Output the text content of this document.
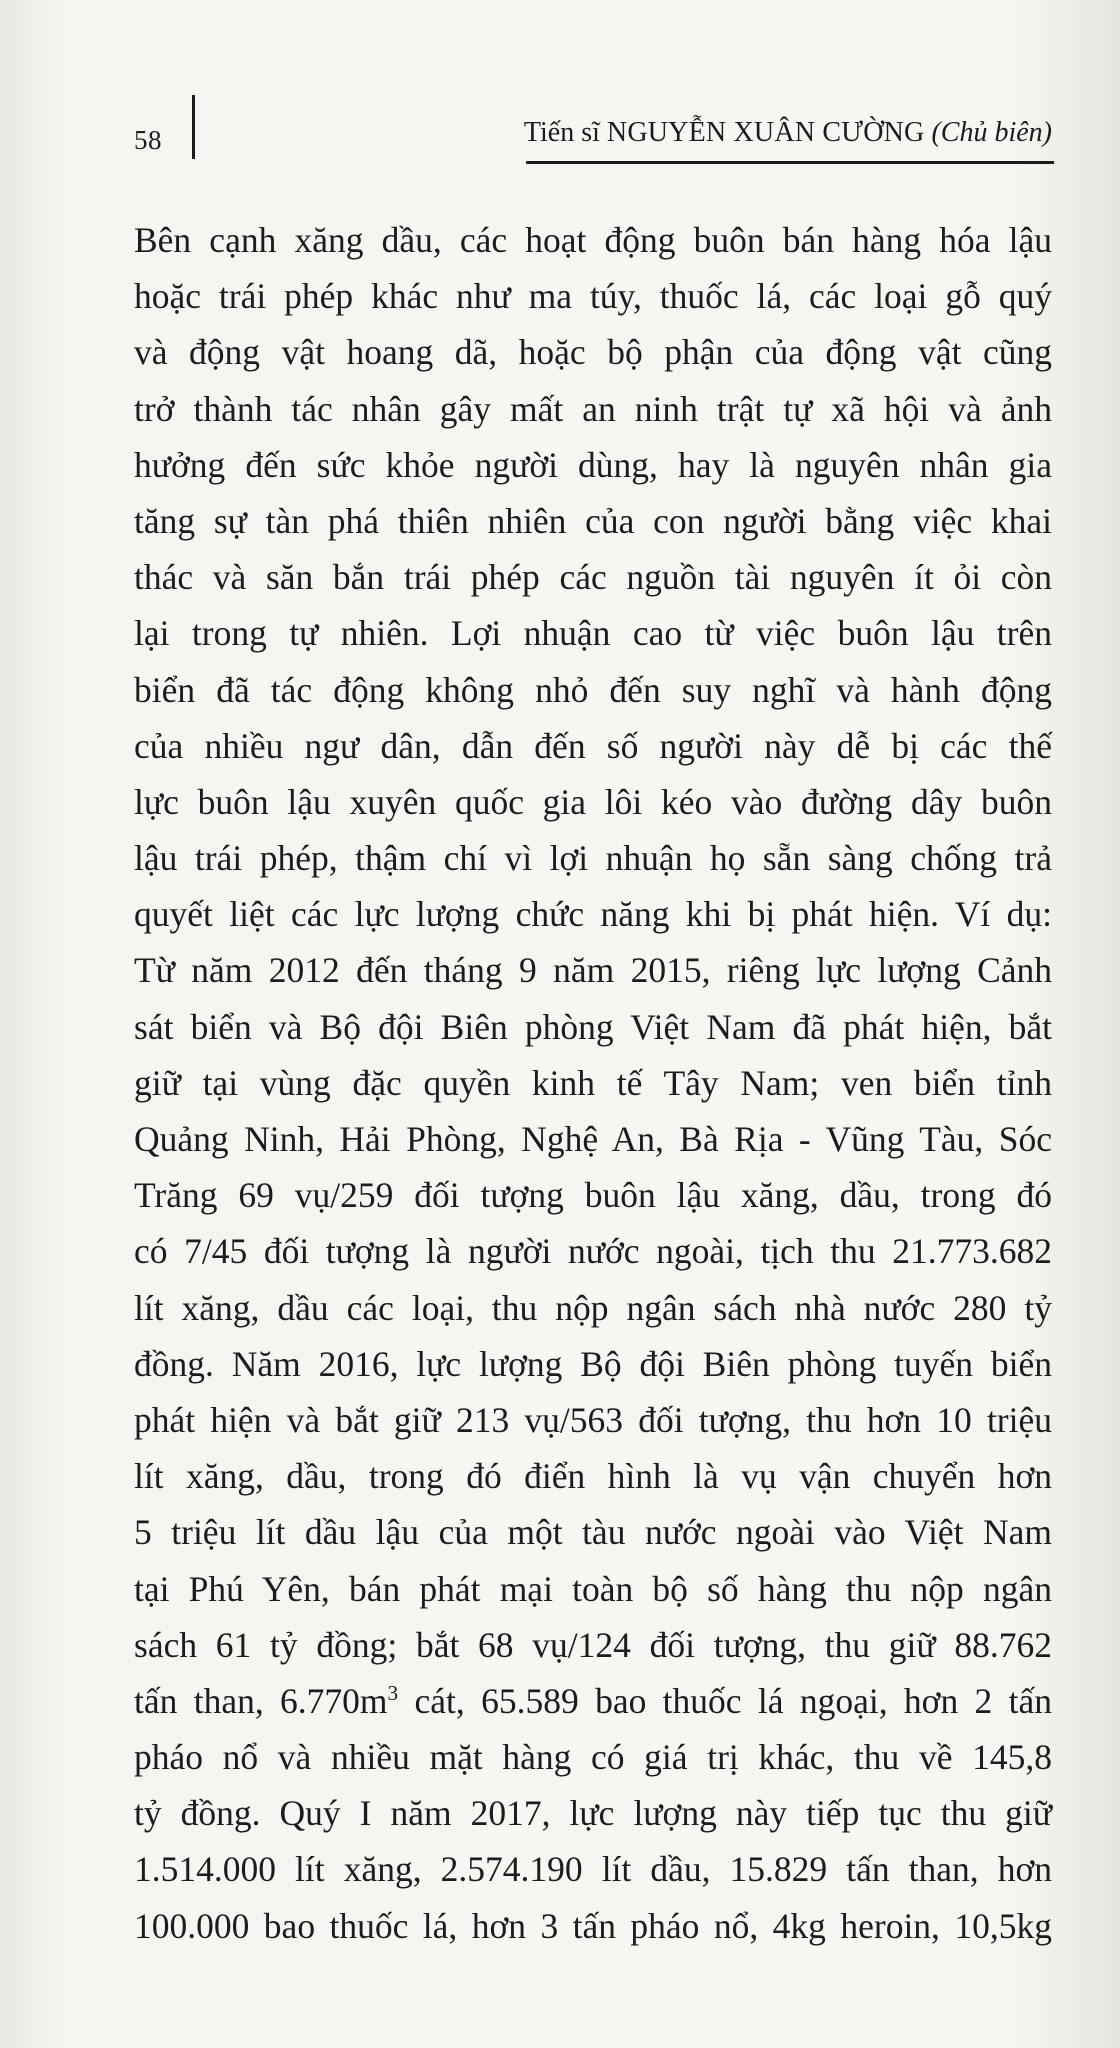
58	Tiến sĩ NGUYỄN XUÂN CƯỜNG (Chủ biên)
Bên cạnh xăng dầu, các hoạt động buôn bán hàng hóa lậu
hoặc trái phép khác như ma túy, thuốc lá, các loại gỗ quý
và động vật hoang dã, hoặc bộ phận của động vật cũng
trở thành tác nhân gây mất an ninh trật tự xã hội và ảnh
hưởng đến sức khỏe người dùng, hay là nguyên nhân gia
tăng sự tàn phá thiên nhiên của con người bằng việc khai
thác và săn bắn trái phép các nguồn tài nguyên ít ỏi còn
lại trong tự nhiên. Lợi nhuận cao từ việc buôn lậu trên
biển đã tác động không nhỏ đến suy nghĩ và hành động
của nhiều ngư dân, dẫn đến số người này dễ bị các thế
lực buôn lậu xuyên quốc gia lôi kéo vào đường dây buôn
lậu trái phép, thậm chí vì lợi nhuận họ sẵn sàng chống trả
quyết liệt các lực lượng chức năng khi bị phát hiện. Ví dụ:
Từ năm 2012 đến tháng 9 năm 2015, riêng lực lượng Cảnh
sát biển và Bộ đội Biên phòng Việt Nam đã phát hiện, bắt
giữ tại vùng đặc quyền kinh tế Tây Nam; ven biển tỉnh
Quảng Ninh, Hải Phòng, Nghệ An, Bà Rịa - Vũng Tàu, Sóc
Trăng 69 vụ/259 đối tượng buôn lậu xăng, dầu, trong đó
có 7/45 đối tượng là người nước ngoài, tịch thu 21.773.682
lít xăng, dầu các loại, thu nộp ngân sách nhà nước 280 tỷ
đồng. Năm 2016, lực lượng Bộ đội Biên phòng tuyến biển
phát hiện và bắt giữ 213 vụ/563 đối tượng, thu hơn 10 triệu
lít xăng, dầu, trong đó điển hình là vụ vận chuyển hơn
5 triệu lít dầu lậu của một tàu nước ngoài vào Việt Nam
tại Phú Yên, bán phát mại toàn bộ số hàng thu nộp ngân
sách 61 tỷ đồng; bắt 68 vụ/124 đối tượng, thu giữ 88.762
tấn than, $6.770m^3$ cát, 65.589 bao thuốc lá ngoại, hơn 2 tấn
pháo nổ và nhiều mặt hàng có giá trị khác, thu về 145,8
tỷ đồng. Quý I năm 2017, lực lượng này tiếp tục thu giữ
1.514.000 lít xăng, 2.574.190 lít dầu, 15.829 tấn than, hơn
100.000 bao thuốc lá, hơn 3 tấn pháo nổ, 4kg heroin, 10,5kg
